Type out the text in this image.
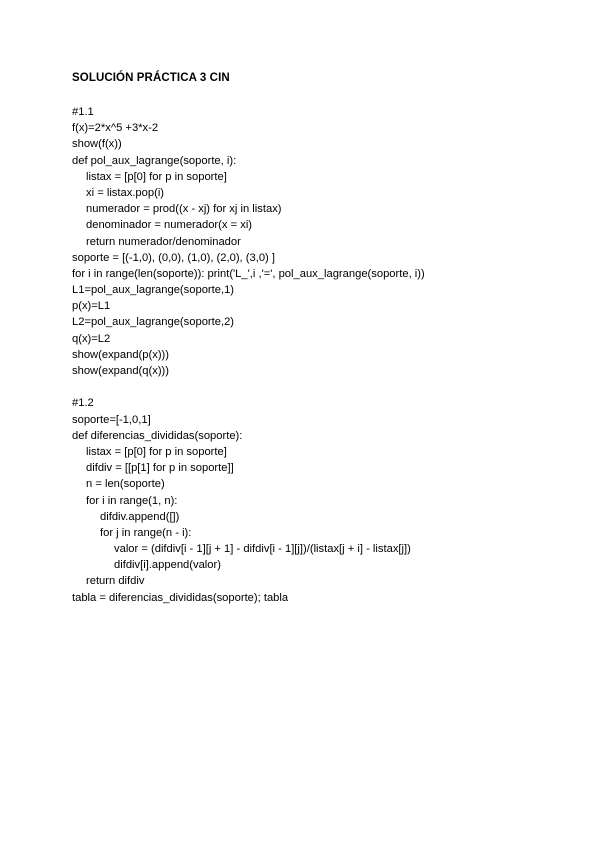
SOLUCIÓN PRÁCTICA 3 CIN
#1.1
f(x)=2*x^5 +3*x-2
show(f(x))
def pol_aux_lagrange(soporte, i):
listax = [p[0] for p in soporte]
xi = listax.pop(i)
numerador = prod((x - xj) for xj in listax)
denominador = numerador(x = xi)
return numerador/denominador
soporte = [(-1,0), (0,0), (1,0), (2,0), (3,0) ]
for i in range(len(soporte)): print('L_',i ,'=', pol_aux_lagrange(soporte, i))
L1=pol_aux_lagrange(soporte,1)
p(x)=L1
L2=pol_aux_lagrange(soporte,2)
q(x)=L2
show(expand(p(x)))
show(expand(q(x)))
#1.2
soporte=[-1,0,1]
def diferencias_divididas(soporte):
listax = [p[0] for p in soporte]
difdiv = [[p[1] for p in soporte]]
n = len(soporte)
for i in range(1, n):
difdiv.append([])
for j in range(n - i):
valor = (difdiv[i - 1][j + 1] - difdiv[i - 1][j])/(listax[j + i] - listax[j])
difdiv[i].append(valor)
return difdiv
tabla = diferencias_divididas(soporte); tabla
